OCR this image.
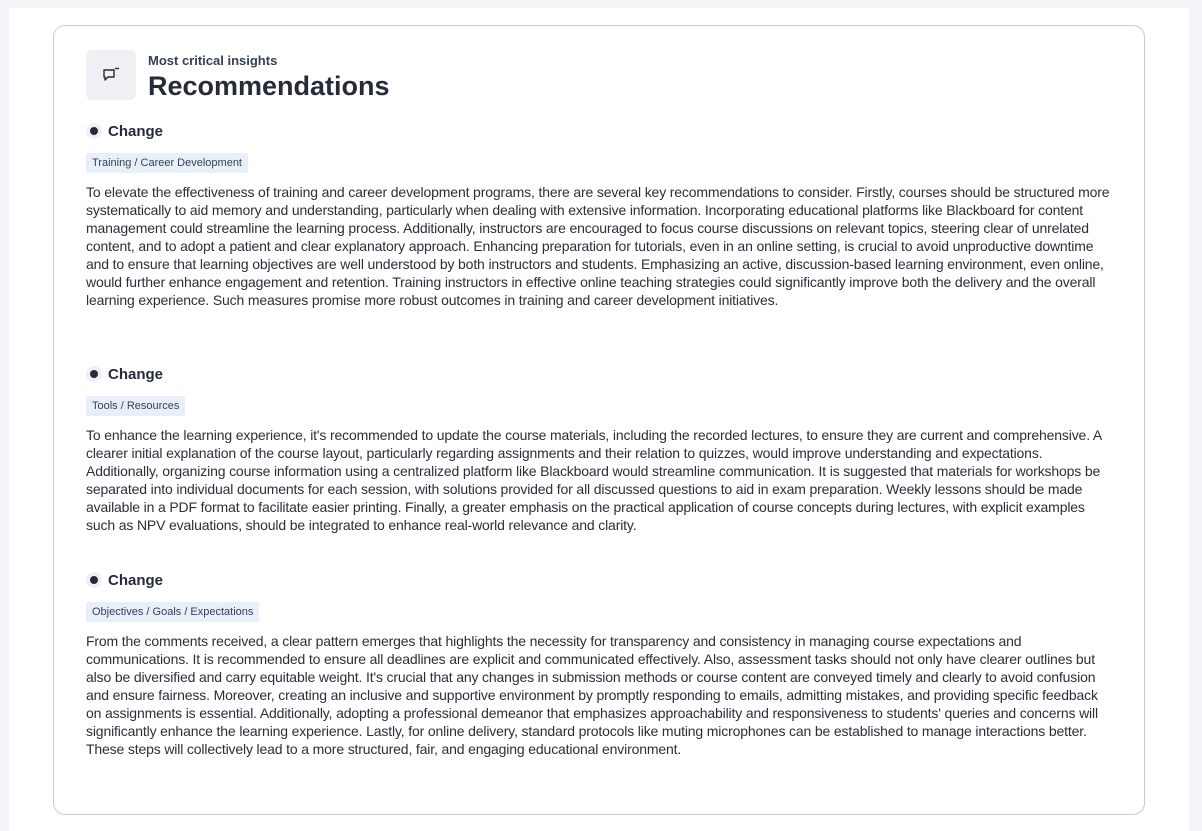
Most critical insights
Recommendations
Change
Training / Career Development
To elevate the effectiveness of training and career development programs, there are several key recommendations to consider. Firstly, courses should be structured more systematically to aid memory and understanding, particularly when dealing with extensive information. Incorporating educational platforms like Blackboard for content management could streamline the learning process. Additionally, instructors are encouraged to focus course discussions on relevant topics, steering clear of unrelated content, and to adopt a patient and clear explanatory approach. Enhancing preparation for tutorials, even in an online setting, is crucial to avoid unproductive downtime and to ensure that learning objectives are well understood by both instructors and students. Emphasizing an active, discussion-based learning environment, even online, would further enhance engagement and retention. Training instructors in effective online teaching strategies could significantly improve both the delivery and the overall learning experience. Such measures promise more robust outcomes in training and career development initiatives.
Change
Tools / Resources
To enhance the learning experience, it's recommended to update the course materials, including the recorded lectures, to ensure they are current and comprehensive. A clearer initial explanation of the course layout, particularly regarding assignments and their relation to quizzes, would improve understanding and expectations. Additionally, organizing course information using a centralized platform like Blackboard would streamline communication. It is suggested that materials for workshops be separated into individual documents for each session, with solutions provided for all discussed questions to aid in exam preparation. Weekly lessons should be made available in a PDF format to facilitate easier printing. Finally, a greater emphasis on the practical application of course concepts during lectures, with explicit examples such as NPV evaluations, should be integrated to enhance real-world relevance and clarity.
Change
Objectives / Goals / Expectations
From the comments received, a clear pattern emerges that highlights the necessity for transparency and consistency in managing course expectations and communications. It is recommended to ensure all deadlines are explicit and communicated effectively. Also, assessment tasks should not only have clearer outlines but also be diversified and carry equitable weight. It's crucial that any changes in submission methods or course content are conveyed timely and clearly to avoid confusion and ensure fairness. Moreover, creating an inclusive and supportive environment by promptly responding to emails, admitting mistakes, and providing specific feedback on assignments is essential. Additionally, adopting a professional demeanor that emphasizes approachability and responsiveness to students' queries and concerns will significantly enhance the learning experience. Lastly, for online delivery, standard protocols like muting microphones can be established to manage interactions better. These steps will collectively lead to a more structured, fair, and engaging educational environment.
